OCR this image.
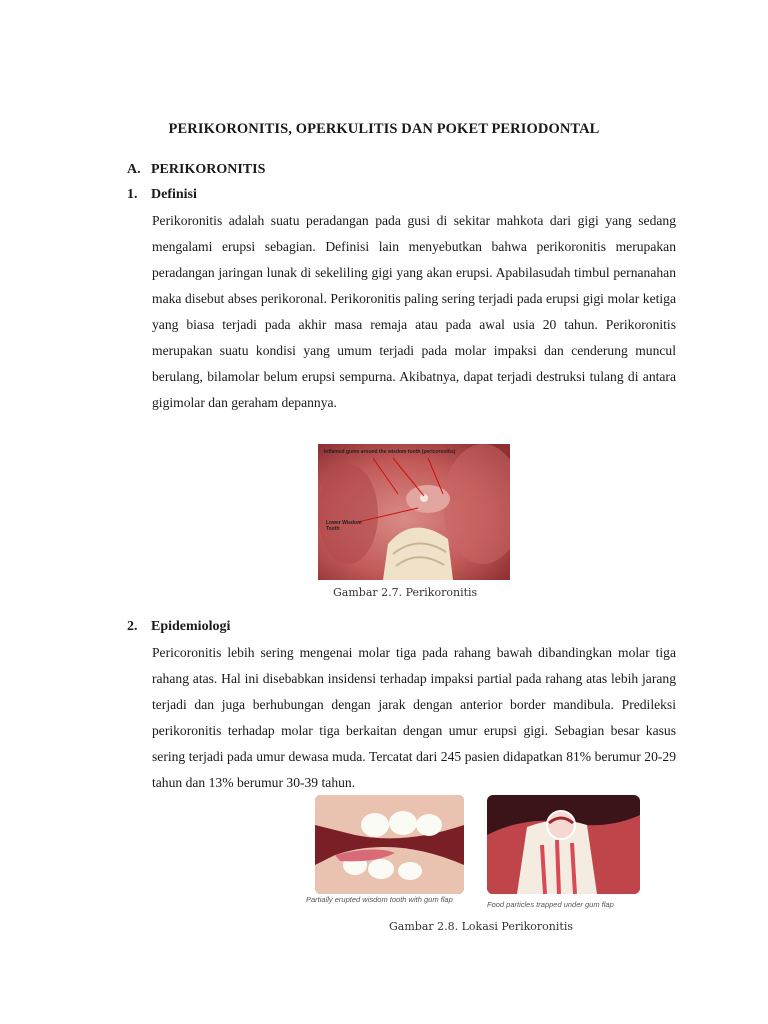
PERIKORONITIS, OPERKULITIS DAN POKET PERIODONTAL
A. PERIKORONITIS
1. Definisi
Perikoronitis adalah suatu peradangan pada gusi di sekitar mahkota dari gigi yang sedang mengalami erupsi sebagian. Definisi lain menyebutkan bahwa perikoronitis merupakan peradangan jaringan lunak di sekeliling gigi yang akan erupsi. Apabilasudah timbul pernanahan maka disebut abses perikoronal. Perikoronitis paling sering terjadi pada erupsi gigi molar ketiga yang biasa terjadi pada akhir masa remaja atau pada awal usia 20 tahun. Perikoronitis merupakan suatu kondisi yang umum terjadi pada molar impaksi dan cenderung muncul berulang, bilamolar belum erupsi sempurna. Akibatnya, dapat terjadi destruksi tulang di antara gigimolar dan geraham depannya.
Inflamed gums around the wisdom tooth (pericoronitis)
Lower Wisdom Tooth
Gambar 2.7. Perikoronitis
2. Epidemiologi
Pericoronitis lebih sering mengenai molar tiga pada rahang bawah dibandingkan molar tiga rahang atas. Hal ini disebabkan insidensi terhadap impaksi partial pada rahang atas lebih jarang terjadi dan juga berhubungan dengan jarak dengan anterior border mandibula. Predileksi perikoronitis terhadap molar tiga berkaitan dengan umur erupsi gigi. Sebagian besar kasus sering terjadi pada umur dewasa muda. Tercatat dari 245 pasien didapatkan 81% berumur 20-29 tahun dan 13% berumur 30-39 tahun.
Partially erupted wisdom tooth with gum flap
Food particles trapped under gum flap
Gambar 2.8. Lokasi Perikoronitis
